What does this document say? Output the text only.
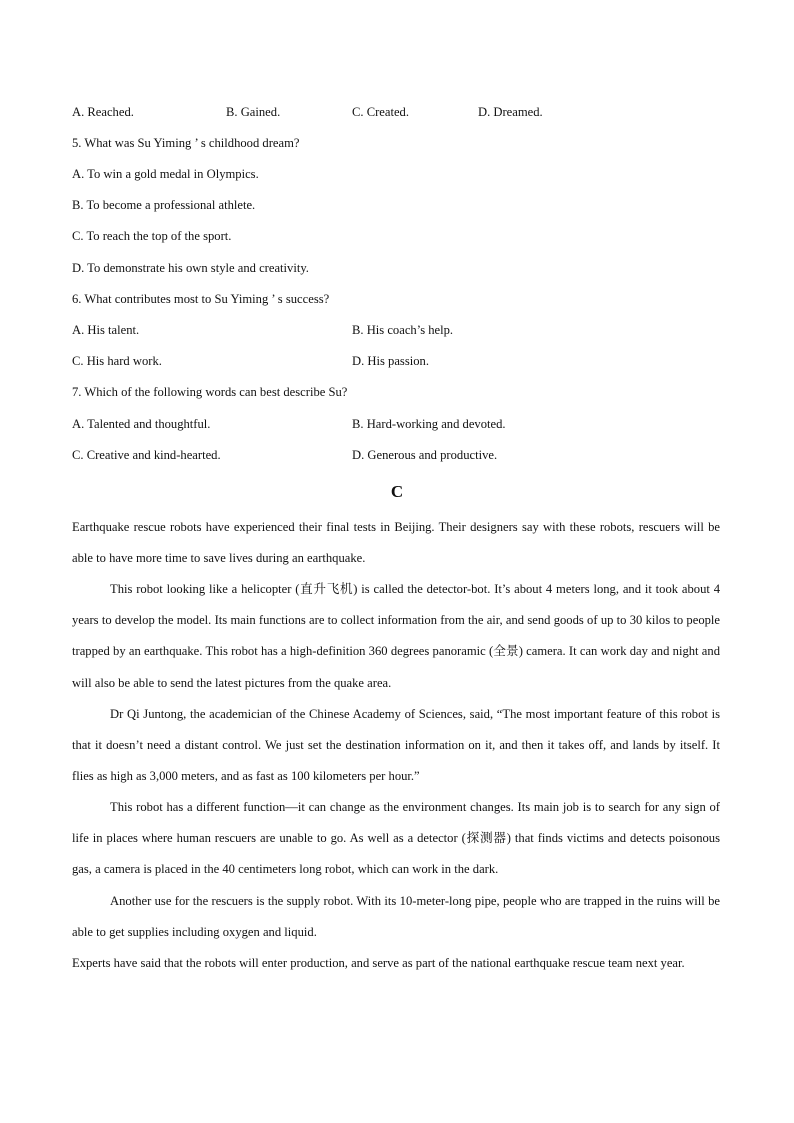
A. Reached.	B. Gained.	C. Created.	D. Dreamed.
5. What was Su Yiming ’ s childhood dream?
A. To win a gold medal in Olympics.
B. To become a professional athlete.
C. To reach the top of the sport.
D. To demonstrate his own style and creativity.
6. What contributes most to Su Yiming ’ s success?
A. His talent.	B. His coach’s help.
C. His hard work.	D. His passion.
7. Which of the following words can best describe Su?
A. Talented and thoughtful.	B. Hard-working and devoted.
C. Creative and kind-hearted.	D. Generous and productive.
C
Earthquake rescue robots have experienced their final tests in Beijing. Their designers say with these robots, rescuers will be able to have more time to save lives during an earthquake.
This robot looking like a helicopter (直升飞机) is called the detector-bot. It’s about 4 meters long, and it took about 4 years to develop the model. Its main functions are to collect information from the air, and send goods of up to 30 kilos to people trapped by an earthquake. This robot has a high-definition 360 degrees panoramic (全景) camera. It can work day and night and will also be able to send the latest pictures from the quake area.
Dr Qi Juntong, the academician of the Chinese Academy of Sciences, said, “The most important feature of this robot is that it doesn’t need a distant control. We just set the destination information on it, and then it takes off, and lands by itself. It flies as high as 3,000 meters, and as fast as 100 kilometers per hour.”
This robot has a different function—it can change as the environment changes. Its main job is to search for any sign of life in places where human rescuers are unable to go. As well as a detector (探测器) that finds victims and detects poisonous gas, a camera is placed in the 40 centimeters long robot, which can work in the dark.
Another use for the rescuers is the supply robot. With its 10-meter-long pipe, people who are trapped in the ruins will be able to get supplies including oxygen and liquid.
Experts have said that the robots will enter production, and serve as part of the national earthquake rescue team next year.
